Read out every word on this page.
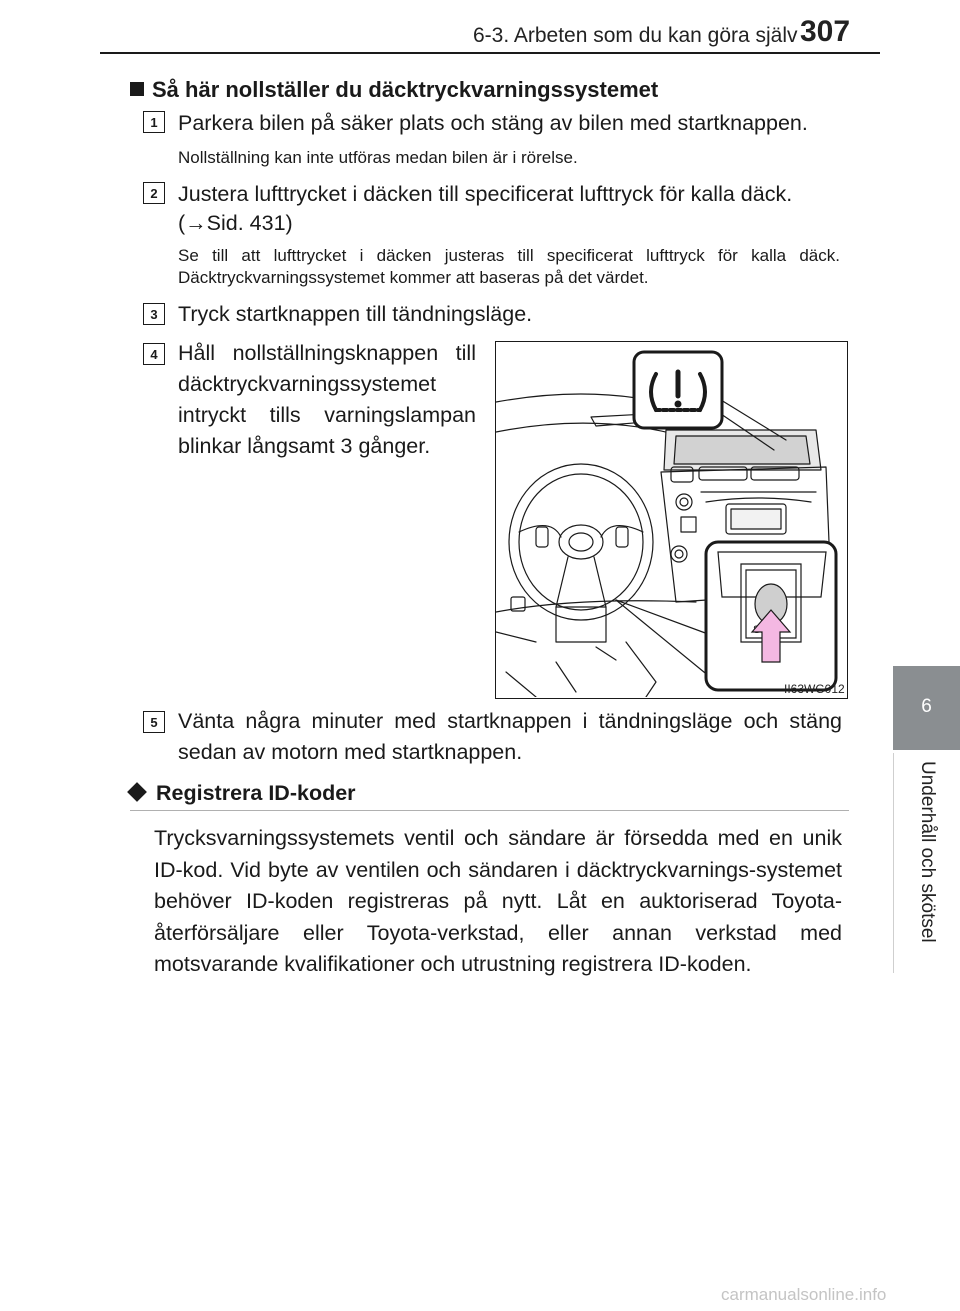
6-3. Arbeten som du kan göra själv 307
6
Underhåll och skötsel
Så här nollställer du däcktryckvarningssystemet
1 Parkera bilen på säker plats och stäng av bilen med startknappen.
Nollställning kan inte utföras medan bilen är i rörelse.
2 Justera lufttrycket i däcken till specificerat lufttryck för kalla däck.
(→Sid. 431)
Se till att lufttrycket i däcken justeras till specificerat lufttryck för kalla däck. Däcktryckvarningssystemet kommer att baseras på det värdet.
3 Tryck startknappen till tändningsläge.
4 Håll nollställningsknappen till däcktryckvarningssystemet intryckt tills varningslampan blinkar långsamt 3 gånger.
II63WG012
5 Vänta några minuter med startknappen i tändningsläge och stäng sedan av motorn med startknappen.
Registrera ID-koder
Trycksvarningssystemets ventil och sändare är försedda med en unik ID-kod. Vid byte av ventilen och sändaren i däcktryckvarnings-systemet behöver ID-koden registreras på nytt. Låt en auktoriserad Toyota-återförsäljare eller Toyota-verkstad, eller annan verkstad med motsvarande kvalifikationer och utrustning registrera ID-koden.
carmanualsonline.info
